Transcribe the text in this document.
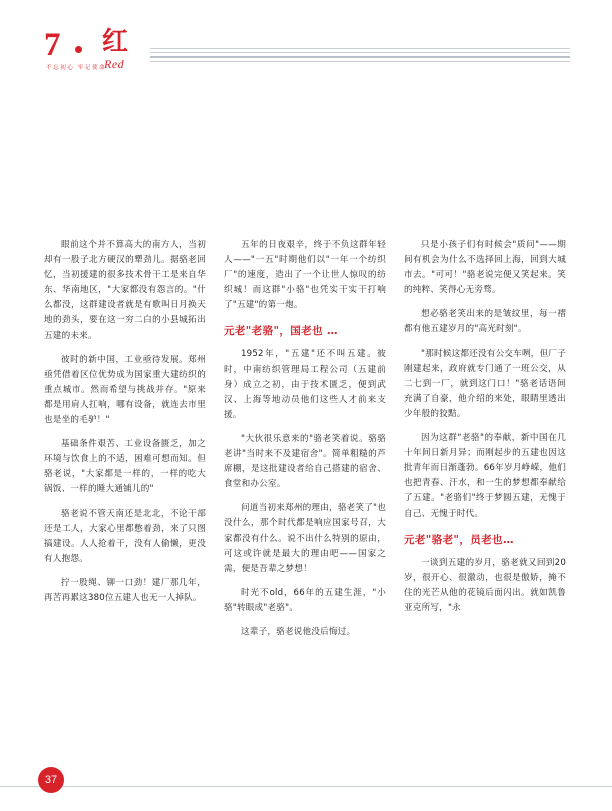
7	红
Red
不忘初心 牢记使命

眼前这个并不算高大的南方人，当初却有一股子北方硬汉的犟劲儿。据骆老回忆，当初援建的很多技术骨干工是来自华东、华南地区，"大家都没有怨言的。"什么都没，这群建设者就是有歌叫日月换天地的劲头，要在这一穷二白的小县城拓出五建的未来。

彼时的新中国，工业亟待发展。郑州亟凭借着区位优势成为国家重大建纺织的重点城市。然而希望与挑战并存。"原来都是用肩人扛响，哪有设备，就连去市里也是坐的毛驴！"

基础条件艰苦、工业设备匮乏，加之环境与饮食上的不适，困难可想而知。但骆老说，"大家都是一样的，一样的吃大锅饭、一样的睡大通铺儿的"

骆老说不管天南还是北北，不论干部还是工人，大家心里都憋着劲，来了只图搞建设。人人抢着干，没有人偷懒，更没有人抱怨。

拧一股绳、铆一口劲！建厂那几年，再苦再累这380位五建人也无一人掉队。

五年的日夜艰辛，终于不负这群年轻人——"一五"时期他们以"一年一个纺织厂"的速度，造出了一个让世人惊叹的纺织城！而这群"小骆"也凭实干实干打响了"五建"的第一炮。

元老"老骆"，国老也 …

1952年，"五建"还不叫五建。彼时，中南纺织管理局工程公司（五建前身）成立之初，由于技术匮乏，便到武汉、上海等地动员他们这些人才前来支援。

"大伙很乐意来的"骆老笑着说。骆骆老讲"当时来不及建宿舍"。简单粗糙的芦席棚，是这批建设者给自己搭建的宿舍、食堂和办公室。

问道当初来郑州的理由，骆老笑了"也没什么，那个时代都是响应国家号召，大家都没有什么。说不出什么特别的原由，可这或许就是最大的理由吧——国家之需，便是吾辈之梦想！

时光不old，66年的五建生涯，"小骆"转眼成"老骆"。

这辈子，骆老说他没后悔过。

只是小孩子们有时候会"质问"——期间有机会为什么不选择回上海，回到大城市去。"可可！"骆老说完便又笑起来。笑的纯粹、笑得心无旁骛。

想必骆老笑出来的是皱纹里，每一褶都有他五建岁月的"高光时刻"。

"那时候这都还没有公交车咧，但厂子刚建起来，政府就专门通了一班公交，从二七到一厂，就到这门口！"骆老话语间充满了自豪，他介绍的来处，眼睛里透出少年般的狡黠。

因为这群"老骆"的奉献，新中国在几十年间日新月异；而刚起步的五建也因这批青年而日渐蓬勃。66年岁月峥嵘，他们也把青春、汗水，和一生的梦想都奉献给了五建。"老骆们"终于梦圆五建，无愧于自己、无愧于时代。

元老"骆老"，员老也…

一谈到五建的岁月，骆老就又回到20岁，很开心、很激动，也很是傲娇，掩不住的光芒从他的花镜后面闪出。就如凯鲁亚克所写，"永

37
